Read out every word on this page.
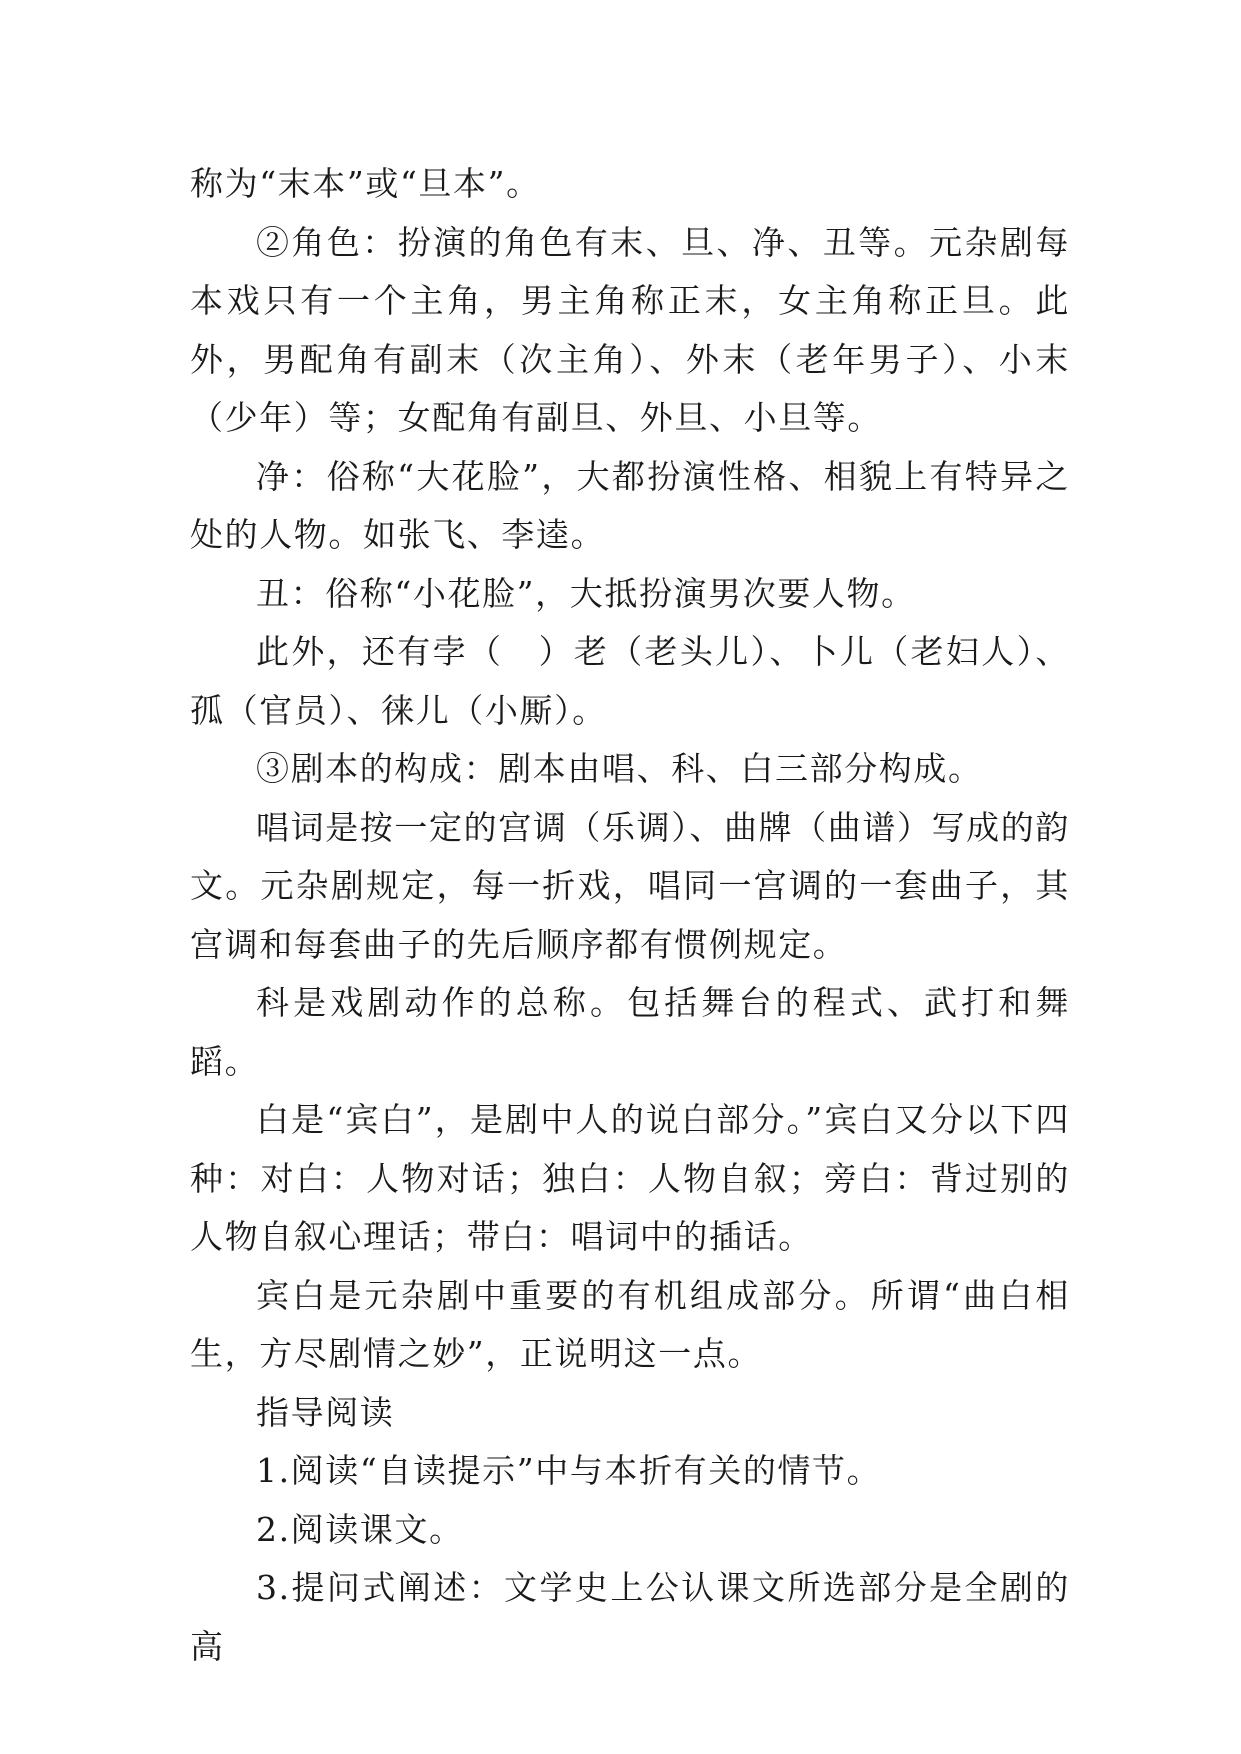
称为“末本”或“旦本”。

②角色：扮演的角色有末、旦、净、丑等。元杂剧每本戏只有一个主角，男主角称正末，女主角称正旦。此外，男配角有副末（次主角）、外末（老年男子）、小末（少年）等；女配角有副旦、外旦、小旦等。

净：俗称“大花脸”，大都扮演性格、相貌上有特异之处的人物。如张飞、李逵。

丑：俗称“小花脸”，大抵扮演男次要人物。

此外，还有孛（　）老（老头儿）、卜儿（老妇人）、孤（官员）、徕儿（小厮）。

③剧本的构成：剧本由唱、科、白三部分构成。

唱词是按一定的宫调（乐调）、曲牌（曲谱）写成的韵文。元杂剧规定，每一折戏，唱同一宫调的一套曲子，其宫调和每套曲子的先后顺序都有惯例规定。

科是戏剧动作的总称。包括舞台的程式、武打和舞蹈。

白是“宾白”，是剧中人的说白部分。”宾白又分以下四种：对白：人物对话；独白：人物自叙；旁白：背过别的人物自叙心理话；带白：唱词中的插话。

宾白是元杂剧中重要的有机组成部分。所谓“曲白相生，方尽剧情之妙”，正说明这一点。

指导阅读

1.阅读“自读提示”中与本折有关的情节。

2.阅读课文。

3.提问式阐述：文学史上公认课文所选部分是全剧的高
